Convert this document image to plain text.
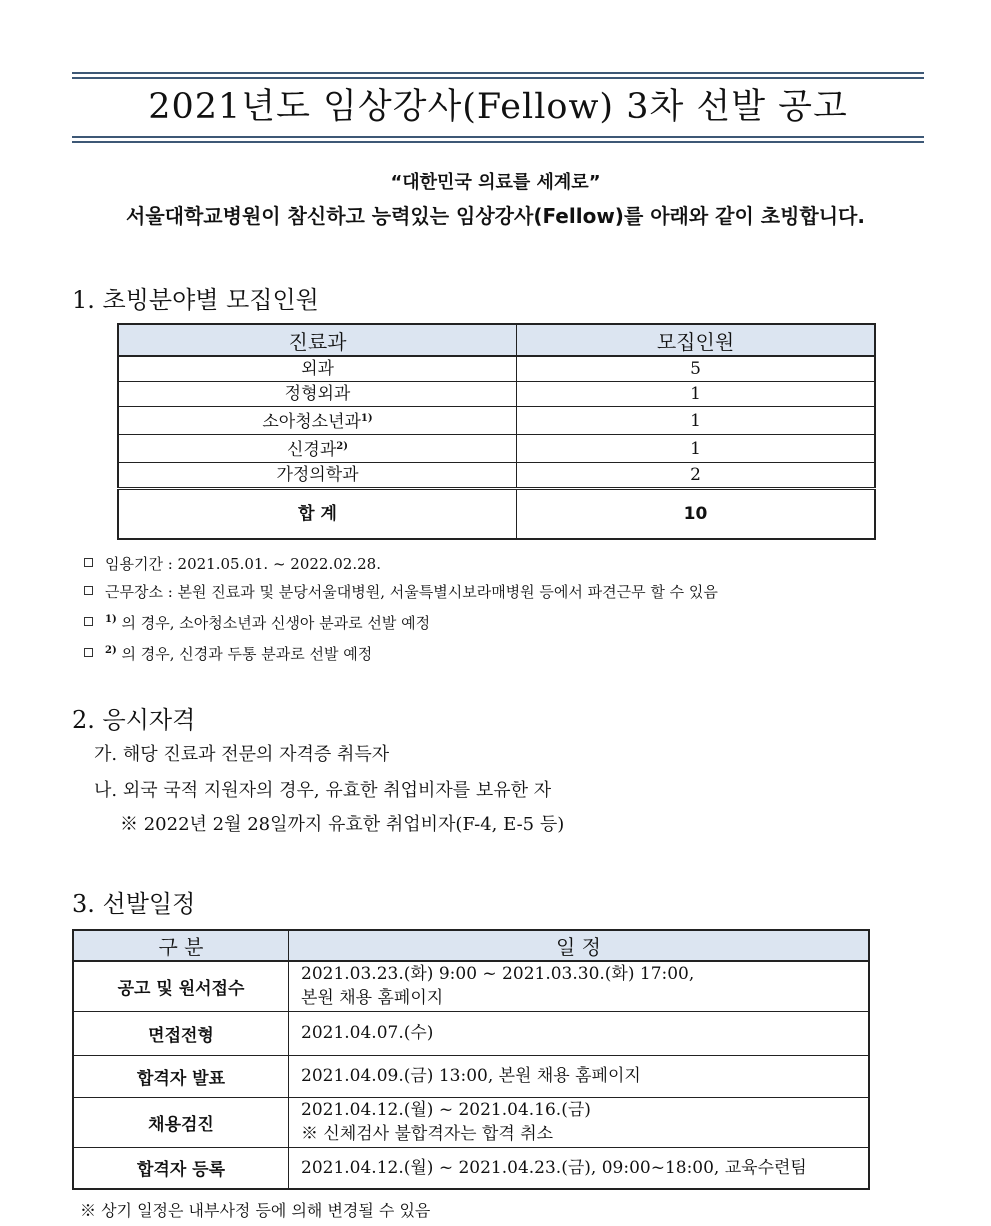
2021년도 임상강사(Fellow) 3차 선발 공고
“대한민국 의료를 세계로”
서울대학교병원이 참신하고 능력있는 임상강사(Fellow)를 아래와 같이 초빙합니다.
1. 초빙분야별 모집인원
진료과	모집인원
외과	5
정형외과	1
소아청소년과$^{1)}$	1
신경과$^{2)}$	1
가정의학과	2
합 계	10
임용기간 : 2021.05.01. ~ 2022.02.28.
근무장소 : 본원 진료과 및 분당서울대병원, 서울특별시보라매병원 등에서 파견근무 할 수 있음
$^{1)}$ 의 경우, 소아청소년과 신생아 분과로 선발 예정
$^{2)}$ 의 경우, 신경과 두통 분과로 선발 예정
2. 응시자격
가. 해당 진료과 전문의 자격증 취득자
나. 외국 국적 지원자의 경우, 유효한 취업비자를 보유한 자
※ 2022년 2월 28일까지 유효한 취업비자(F-4, E-5 등)
3. 선발일정
구 분	일 정
공고 및 원서접수	2021.03.23.(화) 9:00 ~ 2021.03.30.(화) 17:00,
본원 채용 홈페이지

면접전형	2021.04.07.(수)

합격자 발표	2021.04.09.(금) 13:00, 본원 채용 홈페이지

채용검진	2021.04.12.(월) ~ 2021.04.16.(금)
※ 신체검사 불합격자는 합격 취소

합격자 등록	2021.04.12.(월) ~ 2021.04.23.(금), 09:00~18:00, 교육수련팀
※ 상기 일정은 내부사정 등에 의해 변경될 수 있음
